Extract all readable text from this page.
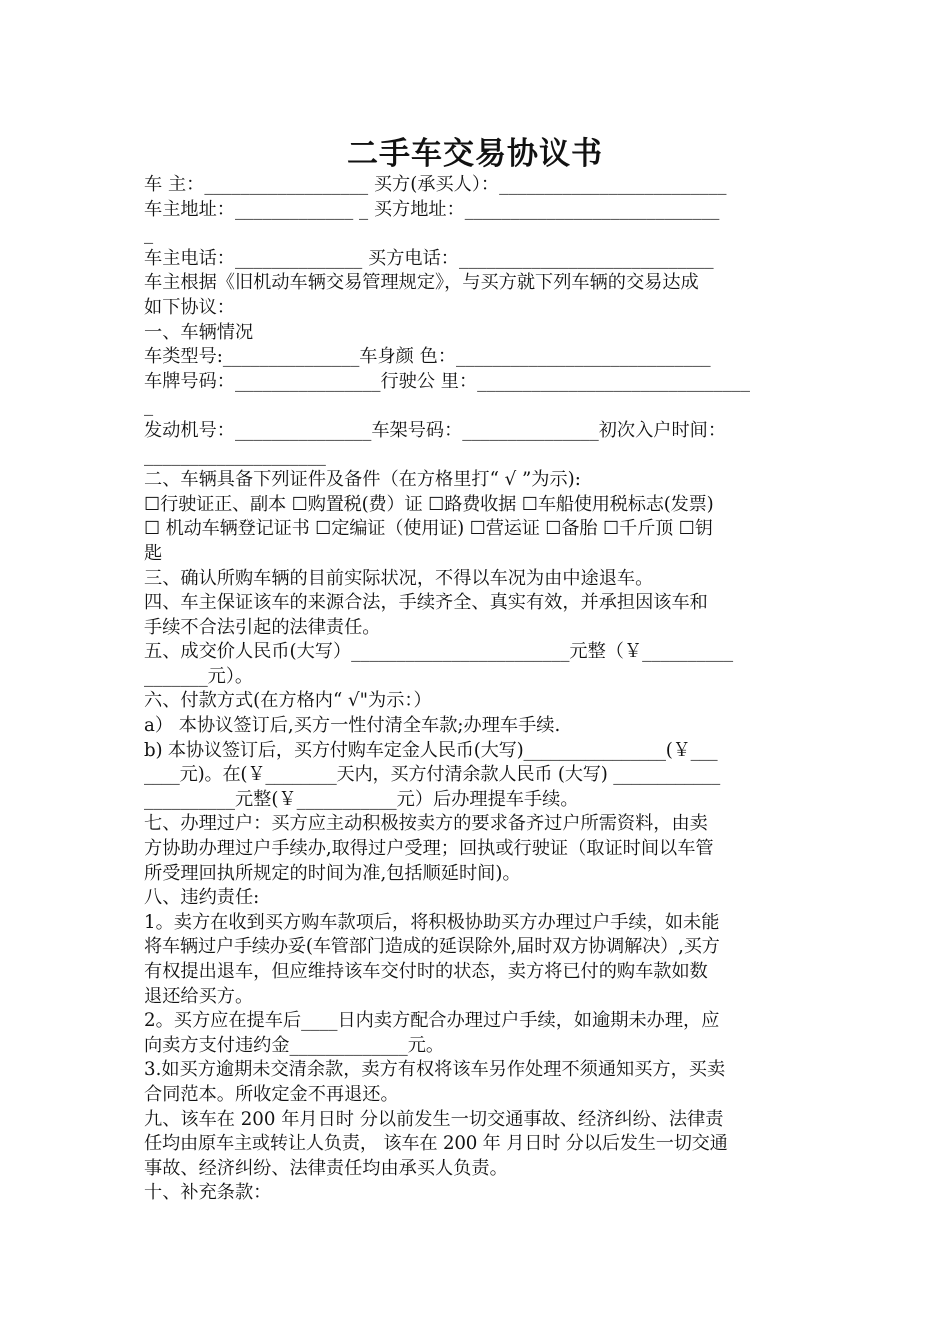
二手车交易协议书
车 主：__________________ 买方(承买人）：_________________________
车主地址：_____________ _ 买方地址：____________________________
_
车主电话：______________ 买方电话：____________________________
车主根据《旧机动车辆交易管理规定》，与买方就下列车辆的交易达成
如下协议：
一、车辆情况
车类型号:_______________车身颜 色：____________________________
车牌号码：________________行驶公 里：______________________________
_
发动机号：_______________车架号码：_______________初次入户时间：
____________________
二、车辆具备下列证件及备件（在方格里打“ √ ”为示):
☐行驶证正、副本 ☐购置税(费）证 ☐路费收据 ☐车船使用税标志(发票)
☐ 机动车辆登记证书 ☐定编证（使用证) ☐营运证 ☐备胎 ☐千斤顶 ☐钥
匙
三、确认所购车辆的目前实际状况，不得以车况为由中途退车。
四、车主保证该车的来源合法，手续齐全、真实有效，并承担因该车和
手续不合法引起的法律责任。
五、成交价人民币(大写）________________________元整（￥__________
_______元）。
六、付款方式(在方格内“ √"为示：）
a） 本协议签订后,买方一性付清全车款;办理车手续.
b) 本协议签订后，买方付购车定金人民币(大写)________________(￥___
____元)。在(￥________天内，买方付清余款人民币 (大写) ____________
__________元整(￥___________元）后办理提车手续。
七、办理过户：买方应主动积极按卖方的要求备齐过户所需资料，由卖
方协助办理过户手续办,取得过户受理；回执或行驶证（取证时间以车管
所受理回执所规定的时间为准,包括顺延时间)。
八、违约责任:
1。卖方在收到买方购车款项后，将积极协助买方办理过户手续，如未能
将车辆过户手续办妥(车管部门造成的延误除外,届时双方协调解决）,买方
有权提出退车，但应维持该车交付时的状态，卖方将已付的购车款如数
退还给买方。
2。买方应在提车后____日内卖方配合办理过户手续，如逾期未办理，应
向卖方支付违约金_____________元。
3.如买方逾期未交清余款，卖方有权将该车另作处理不须通知买方，买卖
合同范本。所收定金不再退还。
九、该车在 200 年月日时 分以前发生一切交通事故、经济纠纷、法律责
任均由原车主或转让人负责， 该车在 200 年 月日时 分以后发生一切交通
事故、经济纠纷、法律责任均由承买人负责。
十、补充条款：
